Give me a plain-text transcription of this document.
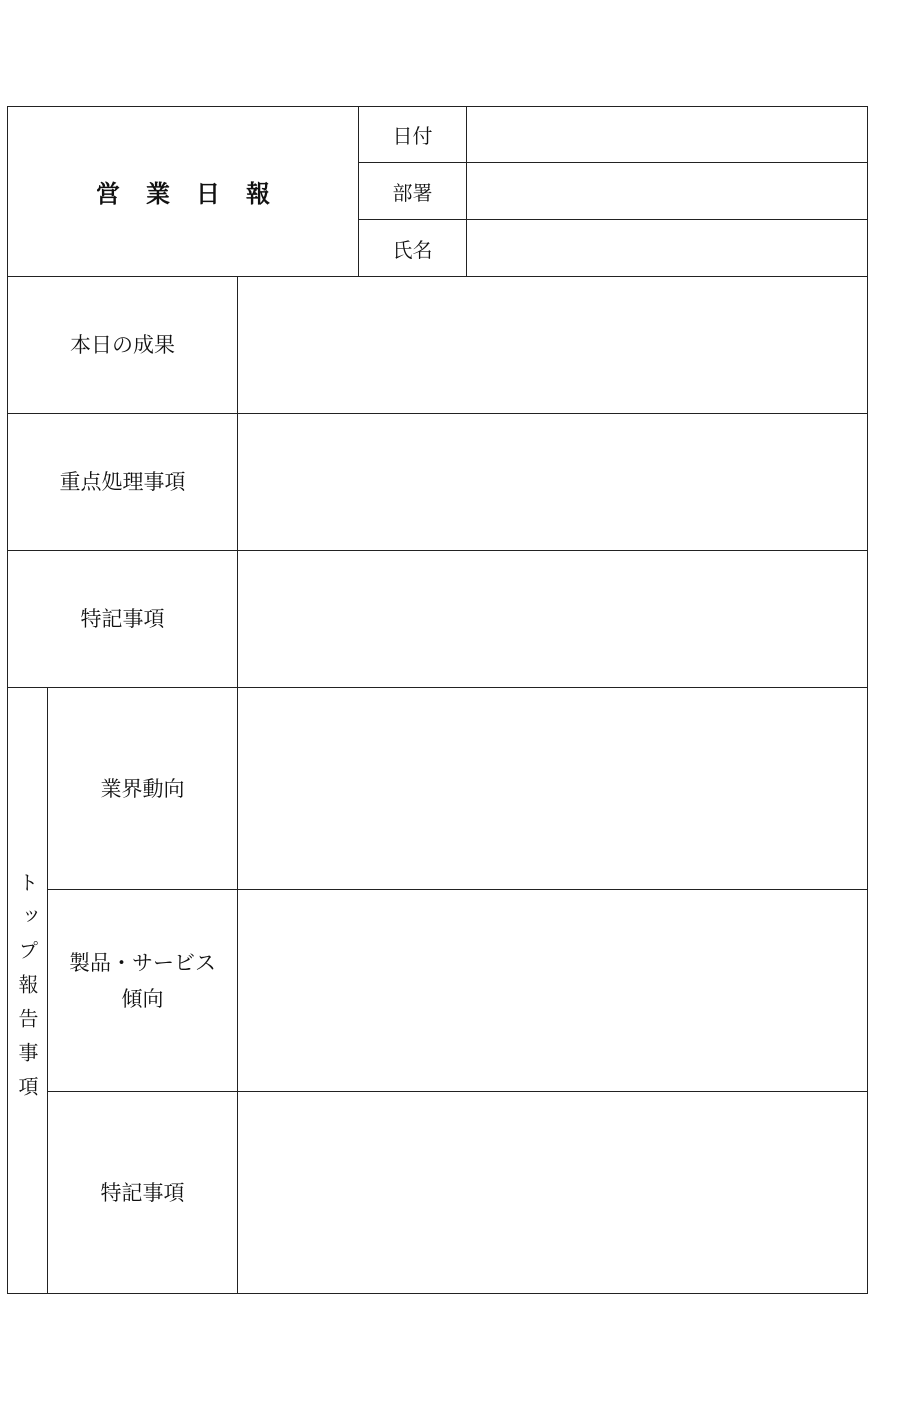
営業日報
日付
部署
氏名
本日の成果
重点処理事項
特記事項
トップ報告事項
業界動向
製品・サービス
傾向
特記事項
